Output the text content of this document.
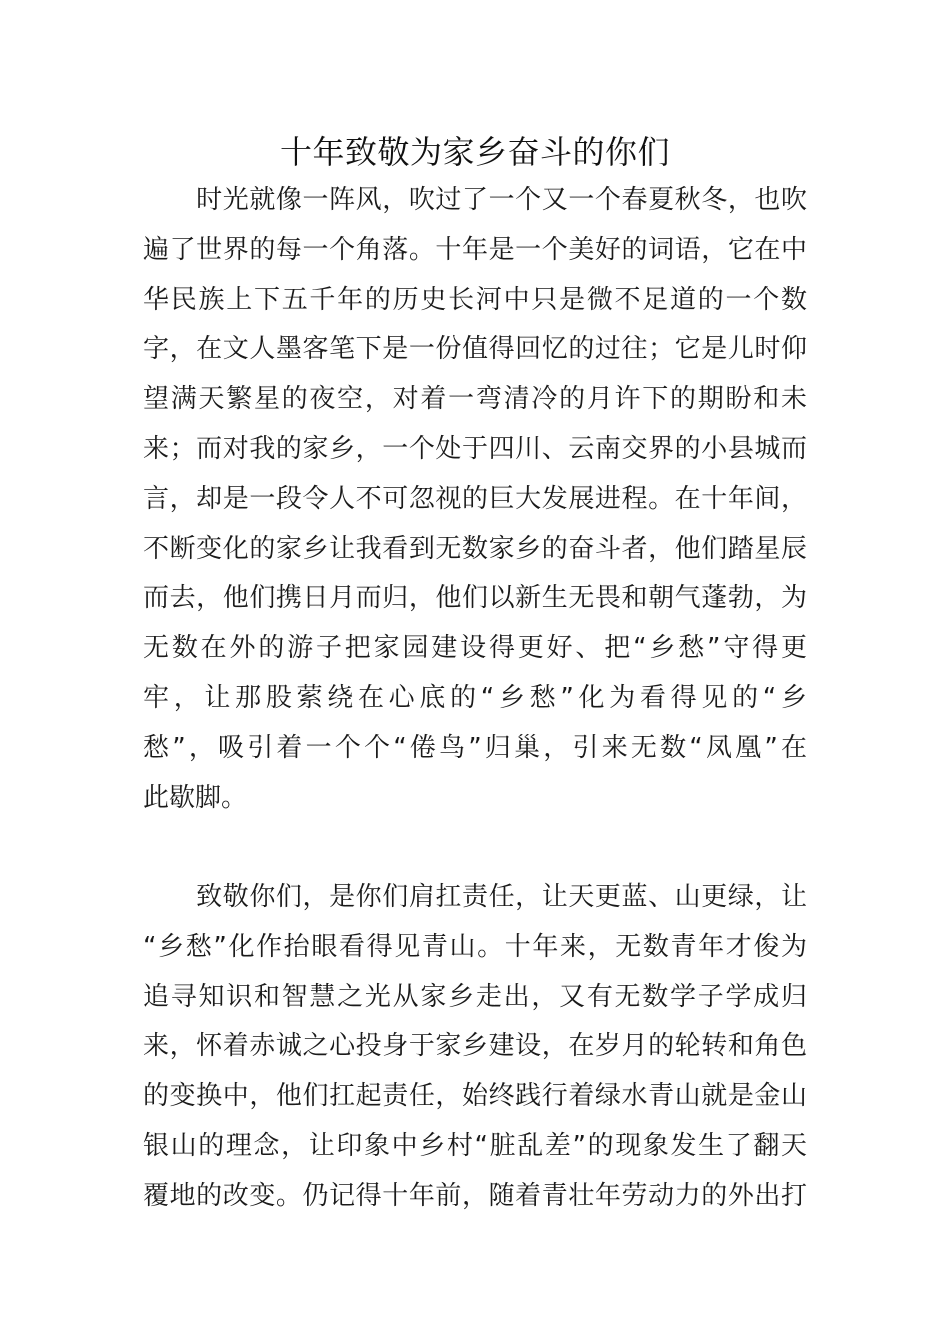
十年致敬为家乡奋斗的你们
　　时光就像一阵风，吹过了一个又一个春夏秋冬，也吹
遍了世界的每一个角落。十年是一个美好的词语，它在中
华民族上下五千年的历史长河中只是微不足道的一个数
字，在文人墨客笔下是一份值得回忆的过往；它是儿时仰
望满天繁星的夜空，对着一弯清冷的月许下的期盼和未
来；而对我的家乡，一个处于四川、云南交界的小县城而
言，却是一段令人不可忽视的巨大发展进程。在十年间，
不断变化的家乡让我看到无数家乡的奋斗者，他们踏星辰
而去，他们携日月而归，他们以新生无畏和朝气蓬勃，为
无数在外的游子把家园建设得更好、把“乡愁”守得更
牢，让那股萦绕在心底的“乡愁”化为看得见的“乡
愁”，吸引着一个个“倦鸟”归巢，引来无数“凤凰”在
此歇脚。
　　致敬你们，是你们肩扛责任，让天更蓝、山更绿，让
“乡愁”化作抬眼看得见青山。十年来，无数青年才俊为
追寻知识和智慧之光从家乡走出，又有无数学子学成归
来，怀着赤诚之心投身于家乡建设，在岁月的轮转和角色
的变换中，他们扛起责任，始终践行着绿水青山就是金山
银山的理念，让印象中乡村“脏乱差”的现象发生了翻天
覆地的改变。仍记得十年前，随着青壮年劳动力的外出打
